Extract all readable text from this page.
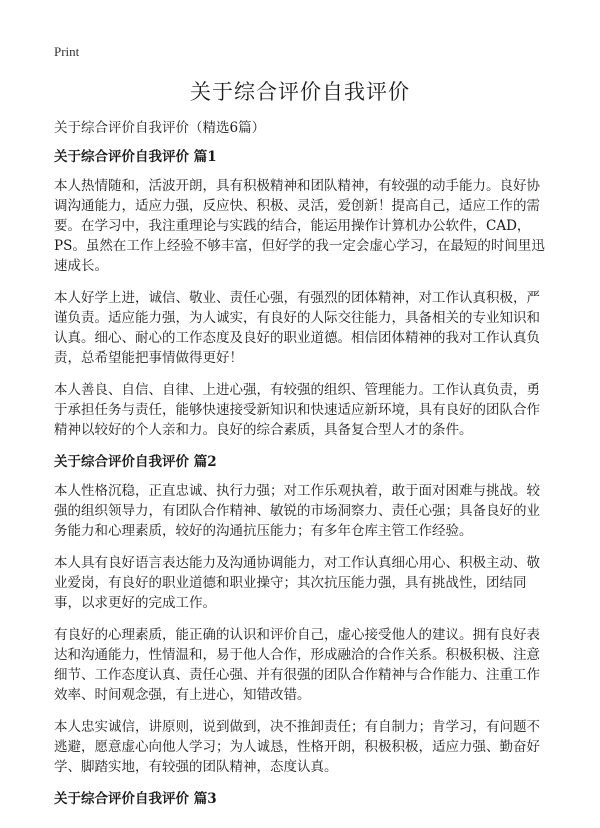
Print
关于综合评价自我评价

关于综合评价自我评价（精选6篇）

关于综合评价自我评价 篇1

本人热情随和，活波开朗，具有积极精神和团队精神，有较强的动手能力。良好协调沟通能力，适应力强，反应快、积极、灵活，爱创新！提高自己，适应工作的需要。在学习中，我注重理论与实践的结合，能运用操作计算机办公软件，CAD，PS。虽然在工作上经验不够丰富，但好学的我一定会虚心学习，在最短的时间里迅速成长。

本人好学上进，诚信、敬业、责任心强，有强烈的团体精神，对工作认真积极，严谨负责。适应能力强，为人诚实，有良好的人际交往能力，具备相关的专业知识和认真。细心、耐心的工作态度及良好的职业道德。相信团体精神的我对工作认真负责，总希望能把事情做得更好！

本人善良、自信、自律、上进心强，有较强的组织、管理能力。工作认真负责，勇于承担任务与责任，能够快速接受新知识和快速适应新环境，具有良好的团队合作精神以较好的个人亲和力。良好的综合素质，具备复合型人才的条件。

关于综合评价自我评价 篇2

本人性格沉稳，正直忠诚、执行力强；对工作乐观执着，敢于面对困难与挑战。较强的组织领导力，有团队合作精神、敏锐的市场洞察力、责任心强；具备良好的业务能力和心理素质，较好的沟通抗压能力；有多年仓库主管工作经验。

本人具有良好语言表达能力及沟通协调能力，对工作认真细心用心、积极主动、敬业爱岗，有良好的职业道德和职业操守；其次抗压能力强，具有挑战性，团结同事，以求更好的完成工作。

有良好的心理素质，能正确的认识和评价自己，虚心接受他人的建议。拥有良好表达和沟通能力，性情温和，易于他人合作，形成融洽的合作关系。积极积极、注意细节、工作态度认真、责任心强、并有很强的团队合作精神与合作能力、注重工作效率、时间观念强，有上进心，知错改错。

本人忠实诚信，讲原则，说到做到，决不推卸责任；有自制力；肯学习，有问题不逃避，愿意虚心向他人学习；为人诚恳，性格开朗，积极积极，适应力强、勤奋好学、脚踏实地，有较强的团队精神，态度认真。

关于综合评价自我评价 篇3
